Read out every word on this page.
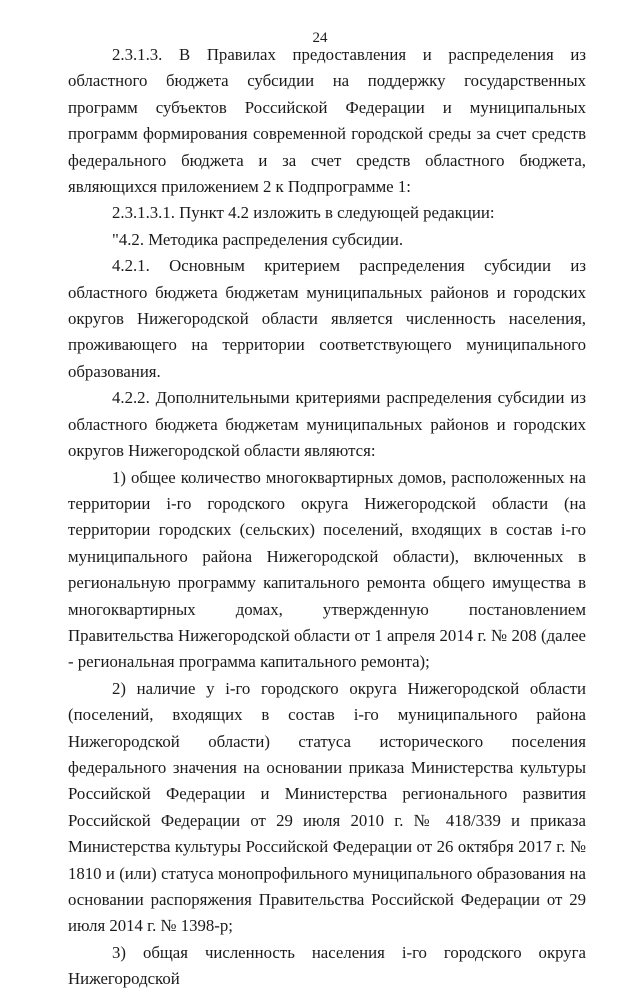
24

2.3.1.3. В Правилах предоставления и распределения из областного бюджета субсидии на поддержку государственных программ субъектов Российской Федерации и муниципальных программ формирования современной городской среды за счет средств федерального бюджета и за счет средств областного бюджета, являющихся приложением 2 к Подпрограмме 1:

2.3.1.3.1. Пункт 4.2 изложить в следующей редакции:

"4.2. Методика распределения субсидии.

4.2.1. Основным критерием распределения субсидии из областного бюджета бюджетам муниципальных районов и городских округов Нижегородской области является численность населения, проживающего на территории соответствующего муниципального образования.

4.2.2. Дополнительными критериями распределения субсидии из областного бюджета бюджетам муниципальных районов и городских округов Нижегородской области являются:

1) общее количество многоквартирных домов, расположенных на территории i-го городского округа Нижегородской области (на территории городских (сельских) поселений, входящих в состав i-го муниципального района Нижегородской области), включенных в региональную программу капитального ремонта общего имущества в многоквартирных домах, утвержденную постановлением Правительства Нижегородской области от 1 апреля 2014 г. № 208 (далее - региональная программа капитального ремонта);

2) наличие у i-го городского округа Нижегородской области (поселений, входящих в состав i-го муниципального района Нижегородской области) статуса исторического поселения федерального значения на основании приказа Министерства культуры Российской Федерации и Министерства регионального развития Российской Федерации от 29 июля 2010 г. № 418/339 и приказа Министерства культуры Российской Федерации от 26 октября 2017 г. № 1810 и (или) статуса монопрофильного муниципального образования на основании распоряжения Правительства Российской Федерации от 29 июля 2014 г. № 1398-р;

3) общая численность населения i-го городского округа Нижегородской
